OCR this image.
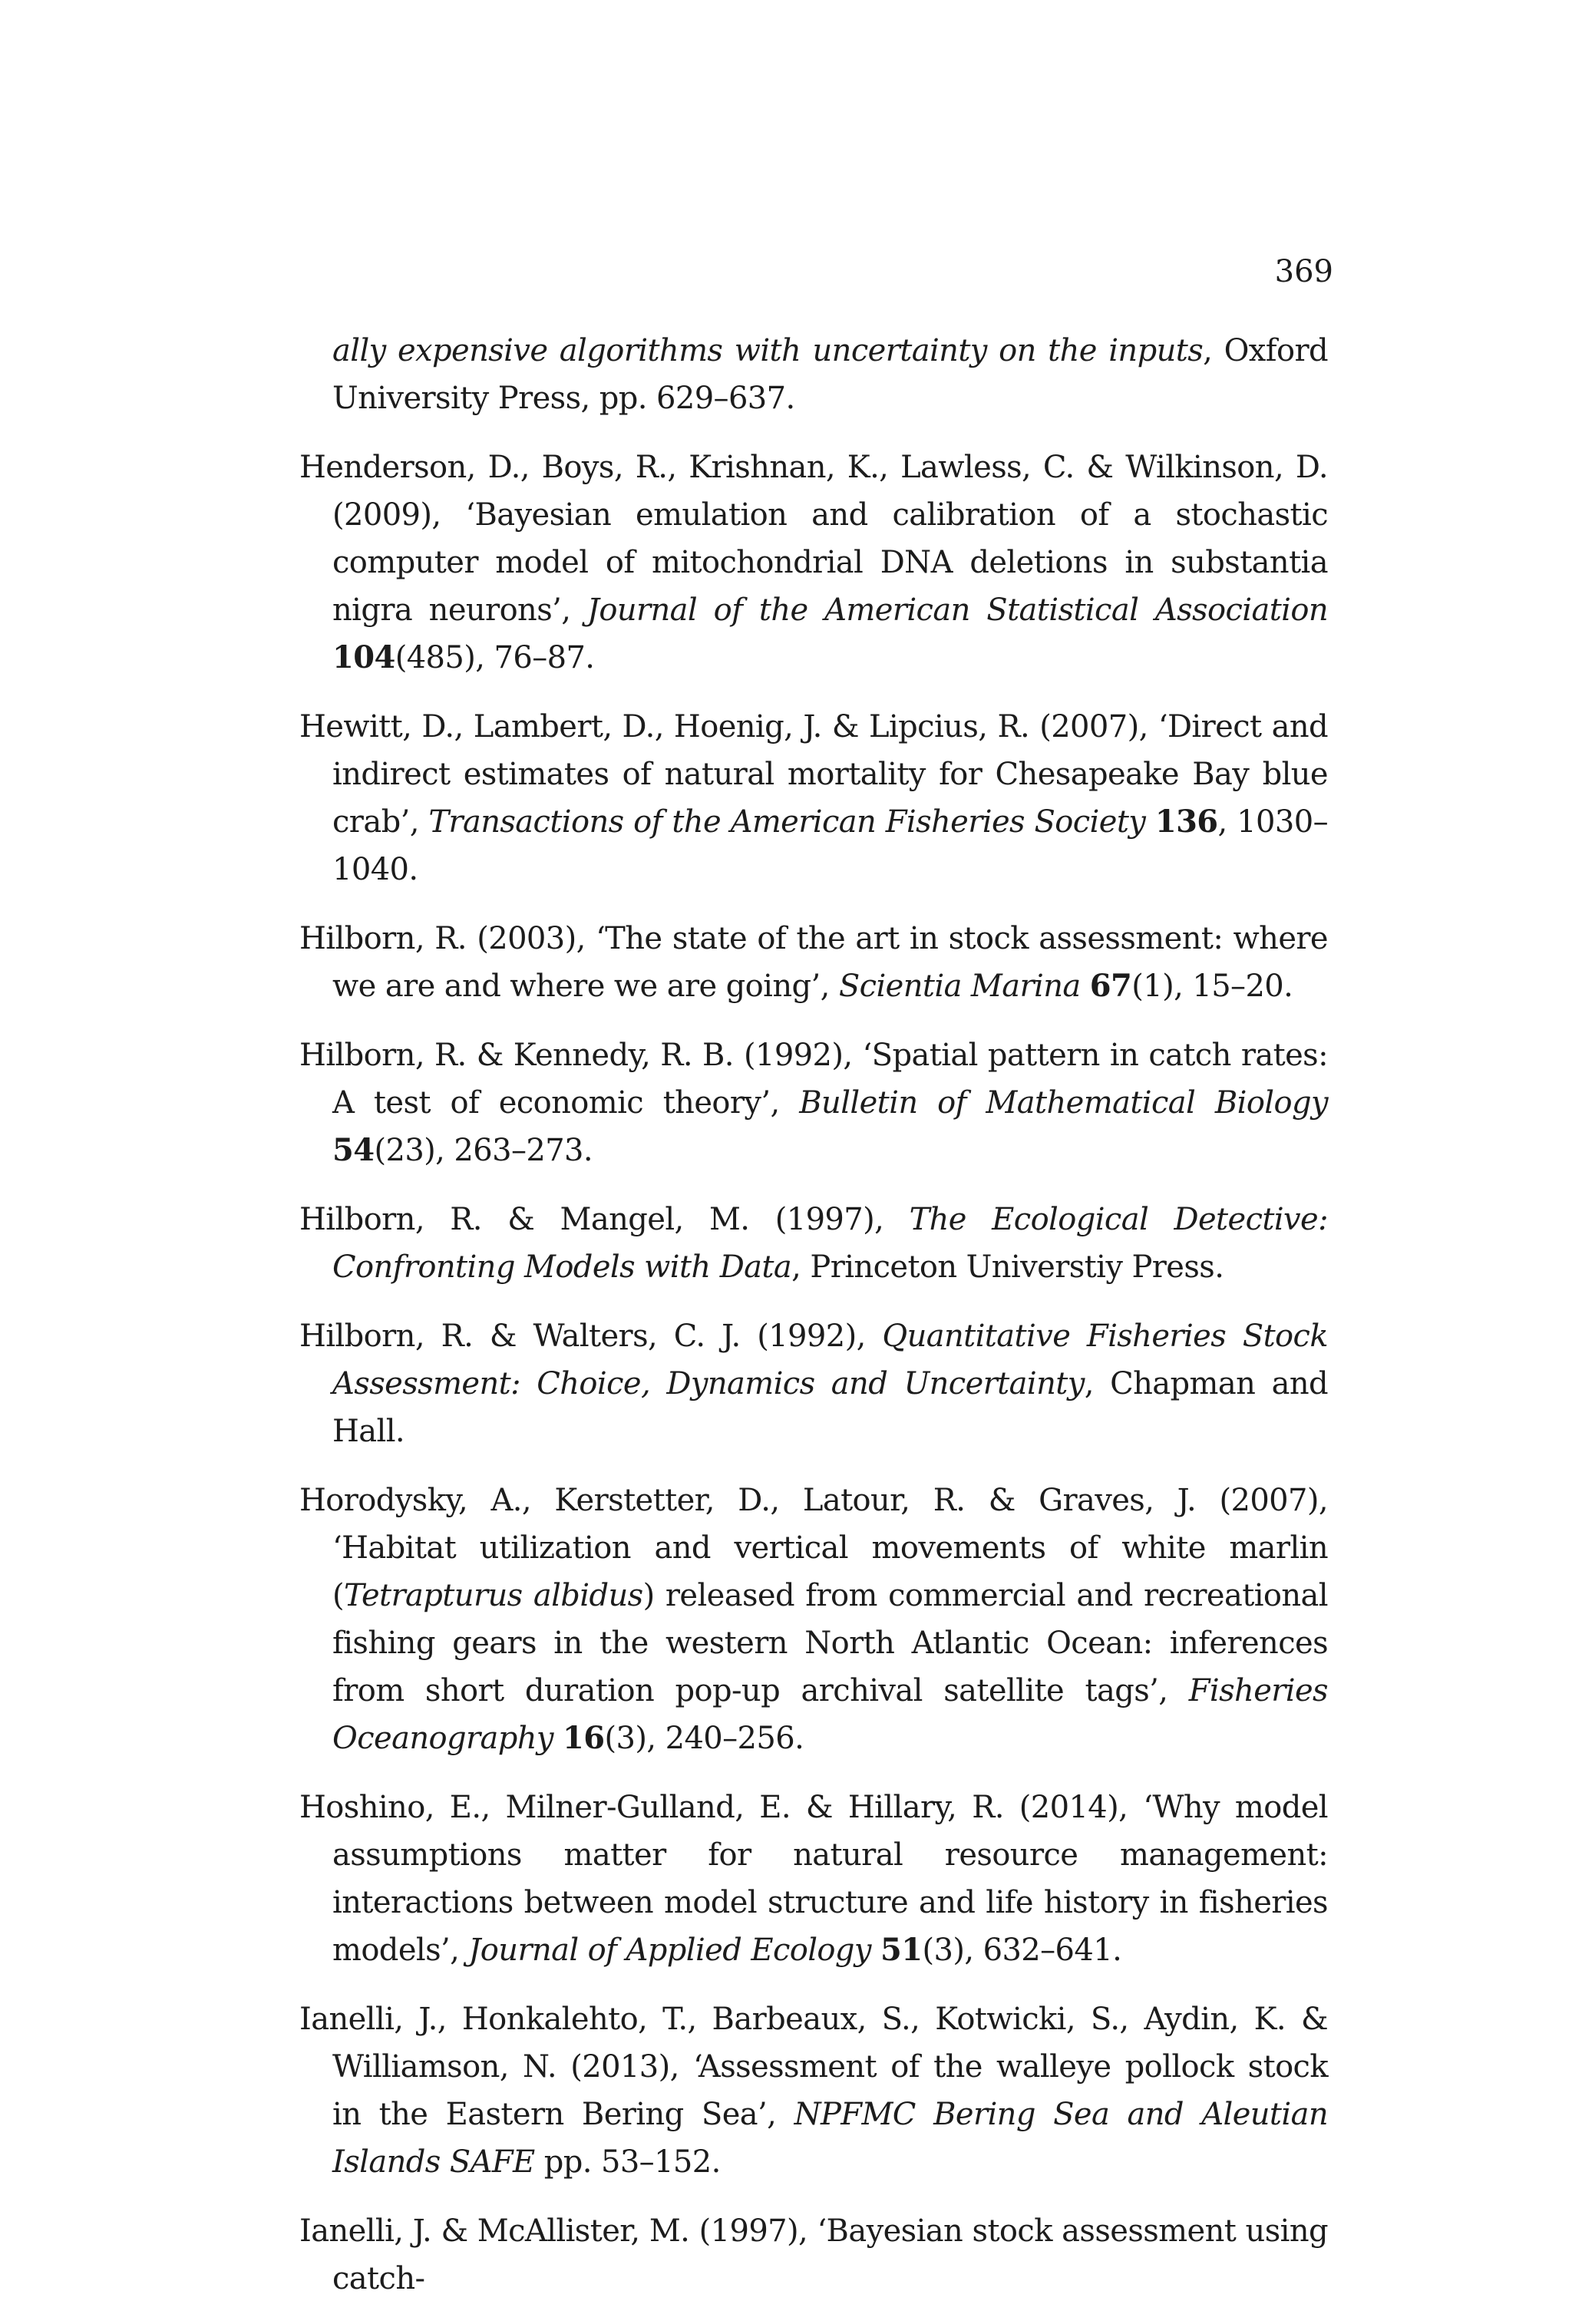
369

ally expensive algorithms with uncertainty on the inputs, Oxford University Press, pp. 629–637.

Henderson, D., Boys, R., Krishnan, K., Lawless, C. & Wilkinson, D. (2009), ‘Bayesian emulation and calibration of a stochastic computer model of mitochondrial DNA deletions in substantia nigra neurons’, Journal of the American Statistical Association 104(485), 76–87.

Hewitt, D., Lambert, D., Hoenig, J. & Lipcius, R. (2007), ‘Direct and indirect estimates of natural mortality for Chesapeake Bay blue crab’, Transactions of the American Fisheries Society 136, 1030–1040.

Hilborn, R. (2003), ‘The state of the art in stock assessment: where we are and where we are going’, Scientia Marina 67(1), 15–20.

Hilborn, R. & Kennedy, R. B. (1992), ‘Spatial pattern in catch rates: A test of economic theory’, Bulletin of Mathematical Biology 54(23), 263–273.

Hilborn, R. & Mangel, M. (1997), The Ecological Detective: Confronting Models with Data, Princeton Universtiy Press.

Hilborn, R. & Walters, C. J. (1992), Quantitative Fisheries Stock Assessment: Choice, Dynamics and Uncertainty, Chapman and Hall.

Horodysky, A., Kerstetter, D., Latour, R. & Graves, J. (2007), ‘Habitat utilization and vertical movements of white marlin (Tetrapturus albidus) released from commercial and recreational fishing gears in the western North Atlantic Ocean: inferences from short duration pop-up archival satellite tags’, Fisheries Oceanography 16(3), 240–256.

Hoshino, E., Milner-Gulland, E. & Hillary, R. (2014), ‘Why model assumptions matter for natural resource management: interactions between model structure and life history in fisheries models’, Journal of Applied Ecology 51(3), 632–641.

Ianelli, J., Honkalehto, T., Barbeaux, S., Kotwicki, S., Aydin, K. & Williamson, N. (2013), ‘Assessment of the walleye pollock stock in the Eastern Bering Sea’, NPFMC Bering Sea and Aleutian Islands SAFE pp. 53–152.

Ianelli, J. & McAllister, M. (1997), ‘Bayesian stock assessment using catch-
